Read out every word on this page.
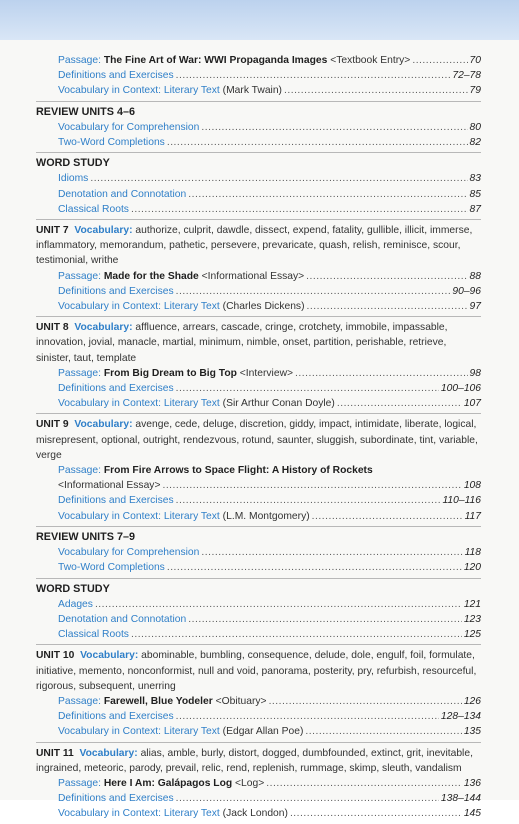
Passage:
The Fine Art of War: WWI Propaganda Images
<Textbook Entry> .....	70
Definitions and Exercises .....	72–78
Vocabulary in Context: Literary Text
(Mark Twain) .....	79
REVIEW UNITS 4–6
Vocabulary for Comprehension .....	80
Two-Word Completions .....	82
WORD STUDY
Idioms .....	83
Denotation and Connotation .....	85
Classical Roots .....	87
UNIT 7 Vocabulary: authorize, culprit, dawdle, dissect, expend, fatality, gullible, illicit, immerse, inflammatory, memorandum, pathetic, persevere, prevaricate, quash, relish, reminisce, scour, testimonial, writhe
Passage:
Made for the Shade
<Informational Essay> .....	88
Definitions and Exercises .....	90–96
Vocabulary in Context: Literary Text
(Charles Dickens) .....	97
UNIT 8 Vocabulary: affluence, arrears, cascade, cringe, crotchety, immobile, impassable, innovation, jovial, manacle, martial, minimum, nimble, onset, partition, perishable, retrieve, sinister, taut, template
Passage:
From Big Dream to Big Top
<Interview> .....	98
Definitions and Exercises .....	100–106
Vocabulary in Context: Literary Text
(Sir Arthur Conan Doyle) .....	107
UNIT 9 Vocabulary: avenge, cede, deluge, discretion, giddy, impact, intimidate, liberate, logical, misrepresent, optional, outright, rendezvous, rotund, saunter, sluggish, subordinate, tint, variable, verge
Passage:
From Fire Arrows to Space Flight: A History of Rockets
<Informational Essay> .....	108
Definitions and Exercises .....	110–116
Vocabulary in Context: Literary Text
(L.M. Montgomery) .....	117
REVIEW UNITS 7–9
Vocabulary for Comprehension .....	118
Two-Word Completions .....	120
WORD STUDY
Adages .....	121
Denotation and Connotation .....	123
Classical Roots .....	125
UNIT 10 Vocabulary: abominable, bumbling, consequence, delude, dole, engulf, foil, formulate, initiative, memento, nonconformist, null and void, panorama, posterity, pry, refurbish, resourceful, rigorous, subsequent, unerring
Passage:
Farewell, Blue Yodeler
<Obituary> .....	126
Definitions and Exercises .....	128–134
Vocabulary in Context: Literary Text
(Edgar Allan Poe) .....	135
UNIT 11 Vocabulary: alias, amble, burly, distort, dogged, dumbfounded, extinct, grit, inevitable, ingrained, meteoric, parody, prevail, relic, rend, replenish, rummage, skimp, sleuth, vandalism
Passage:
Here I Am: Galápagos Log
<Log> .....	136
Definitions and Exercises .....	138–144
Vocabulary in Context: Literary Text
(Jack London) .....	145
